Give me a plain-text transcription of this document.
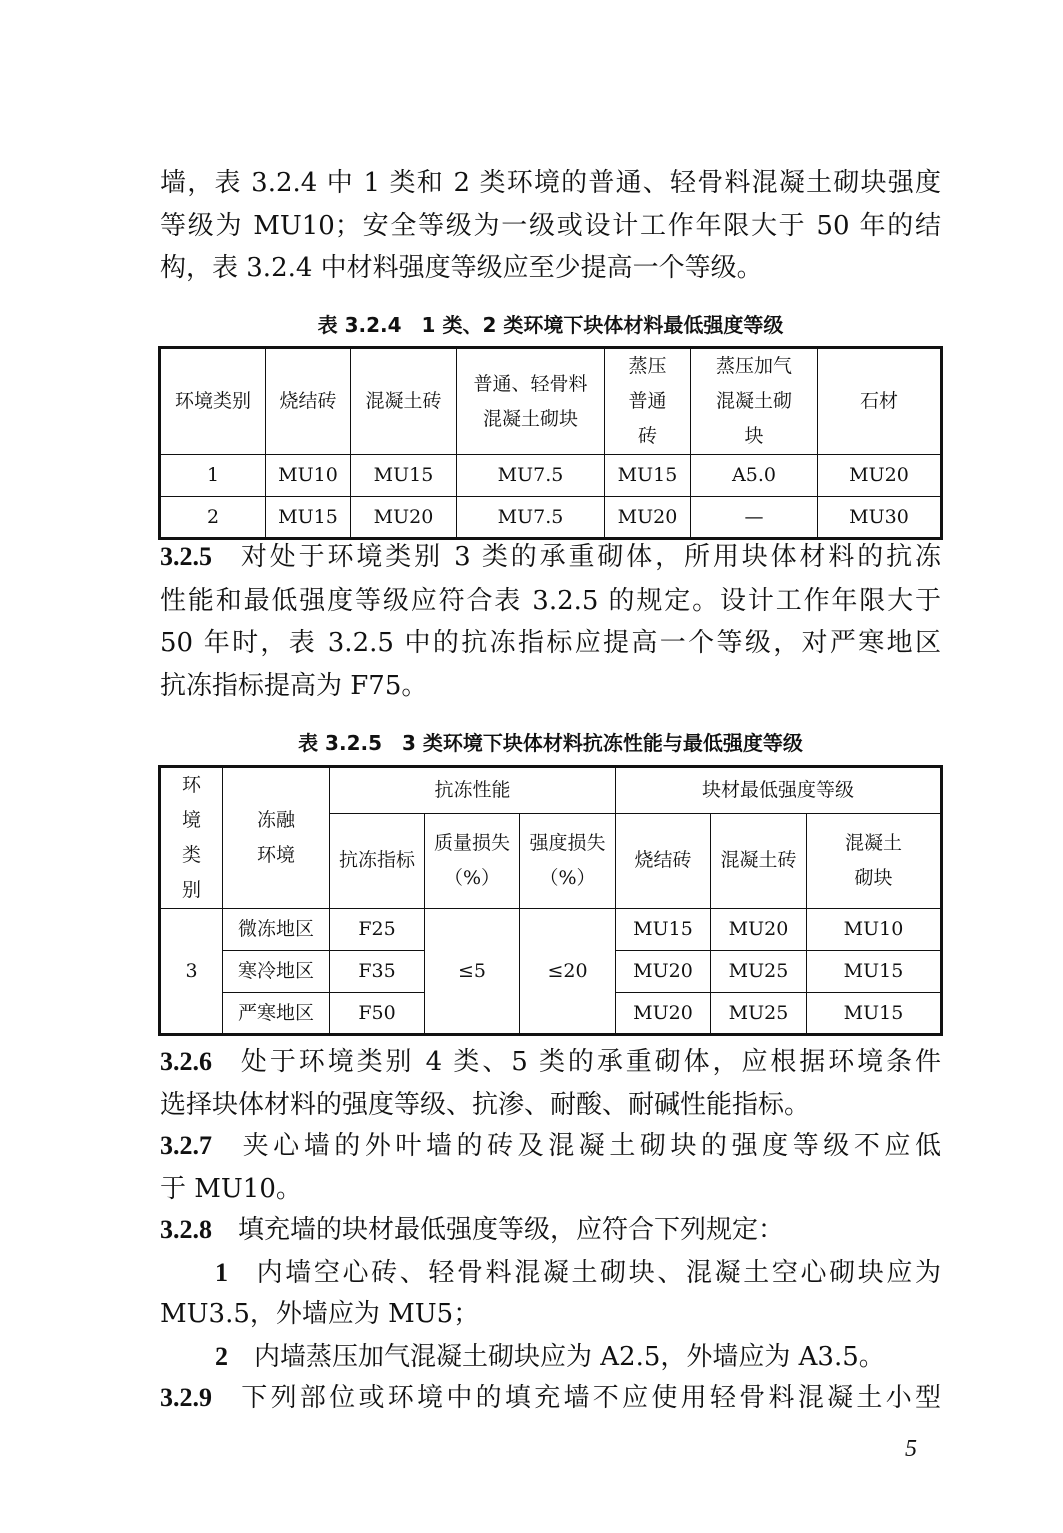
墙，表 3.2.4 中 1 类和 2 类环境的普通、轻骨料混凝土砌块强度
等级为 MU10；安全等级为一级或设计工作年限大于 50 年的结
构，表 3.2.4 中材料强度等级应至少提高一个等级。
表 3.2.4　1 类、2 类环境下块体材料最低强度等级
环境类别	烧结砖	混凝土砖	普通、轻骨料混凝土砌块	蒸压普通砖	蒸压加气混凝土砌块	石材
1	MU10	MU15	MU7.5	MU15	A5.0	MU20
2	MU15	MU20	MU7.5	MU20	—	MU30
3.2.5 对处于环境类别 3 类的承重砌体，所用块体材料的抗冻
性能和最低强度等级应符合表 3.2.5 的规定。设计工作年限大于
50 年时，表 3.2.5 中的抗冻指标应提高一个等级，对严寒地区
抗冻指标提高为 F75。
表 3.2.5　3 类环境下块体材料抗冻性能与最低强度等级
环境类别	冻融环境	抗冻性能			块材最低强度等级		
		抗冻指标	质量损失（%）	强度损失（%）	烧结砖	混凝土砖	混凝土砌块
3	微冻地区	F25	≤5	≤20	MU15	MU20	MU10
	寒冷地区	F35			MU20	MU25	MU15
	严寒地区	F50			MU20	MU25	MU15
3.2.6 处于环境类别 4 类、5 类的承重砌体，应根据环境条件
选择块体材料的强度等级、抗渗、耐酸、耐碱性能指标。
3.2.7 夹心墙的外叶墙的砖及混凝土砌块的强度等级不应低
于 MU10。
3.2.8 填充墙的块材最低强度等级，应符合下列规定：
1 内墙空心砖、轻骨料混凝土砌块、混凝土空心砌块应为
MU3.5，外墙应为 MU5；
2 内墙蒸压加气混凝土砌块应为 A2.5，外墙应为 A3.5。
3.2.9 下列部位或环境中的填充墙不应使用轻骨料混凝土小型
5
